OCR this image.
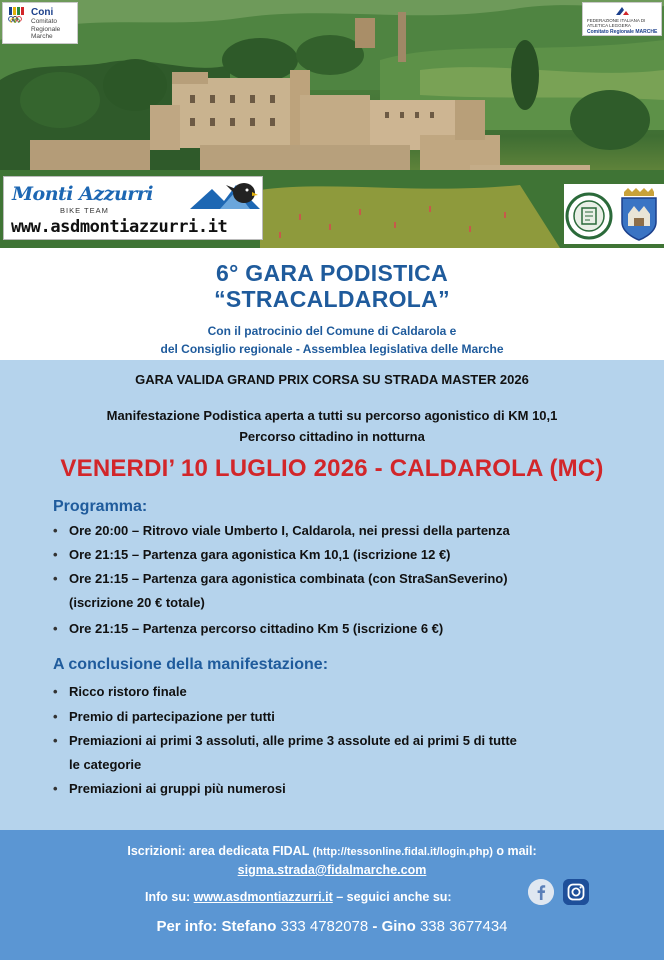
Coni
Comitato
Regionale
Marche
FEDERAZIONE ITALIANA DI ATLETICA LEGGERA
Comitato Regionale MARCHE
Monti Azzurri
BIKE TEAM
www.asdmontiazzurri.it
6° GARA PODISTICA
“STRACALDAROLA”
Con il patrocinio del Comune di Caldarola e
del Consiglio regionale - Assemblea legislativa delle Marche
GARA VALIDA GRAND PRIX CORSA SU STRADA MASTER 2026
Manifestazione Podistica aperta a tutti su percorso agonistico di KM 10,1
Percorso cittadino in notturna
VENERDI’ 10 LUGLIO 2026 - CALDAROLA (MC)
Programma:
• Ore 20:00 – Ritrovo viale Umberto I, Caldarola, nei pressi della partenza
• Ore 21:15 – Partenza gara agonistica Km 10,1 (iscrizione 12 €)
• Ore 21:15 – Partenza gara agonistica combinata (con StraSanSeverino)
(iscrizione 20 € totale)
• Ore 21:15 – Partenza percorso cittadino Km 5 (iscrizione 6 €)
A conclusione della manifestazione:
• Ricco ristoro finale
• Premio di partecipazione per tutti
• Premiazioni ai primi 3 assoluti, alle prime 3 assolute ed ai primi 5 di tutte
le categorie
• Premiazioni ai gruppi più numerosi
Iscrizioni: area dedicata FIDAL (http://tessonline.fidal.it/login.php) o mail:
sigma.strada@fidalmarche.com
Info su: www.asdmontiazzurri.it – seguici anche su:
Per info: Stefano 333 4782078 - Gino 338 3677434
